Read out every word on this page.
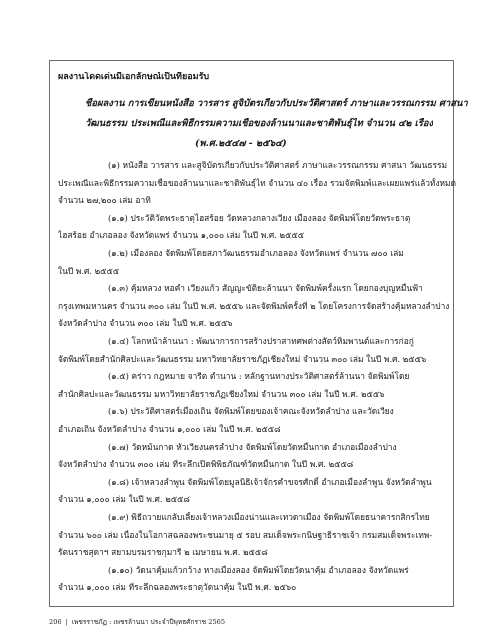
ผลงานโดดเด่นมีเอกลักษณ์เป็นที่ยอมรับ
ชื่อผลงาน การเขียนหนังสือ วารสาร สูจิบัตรเกี่ยวกับประวัติศาสตร์ ภาษาและวรรณกรรม ศาสนา
วัฒนธรรม ประเพณีและพิธีกรรมความเชื่อของล้านนาและชาติพันธุ์ไท จำนวน ๔๒ เรื่อง
(พ.ศ.๒๕๔๗ - ๒๕๖๔)
(๑) หนังสือ วารสาร และสูจิบัตรเกี่ยวกับประวัติศาสตร์ ภาษาและวรรณกรรม ศาสนา วัฒนธรรม
ประเพณีและพิธีกรรมความเชื่อของล้านนาและชาติพันธุ์ไท จำนวน ๔๐ เรื่อง รวมจัดพิมพ์และเผยแพร่แล้วทั้งหมด
จำนวน ๒๗,๒๐๐ เล่ม อาทิ
(๑.๑) ประวัติวัดพระธาตุไฮสร้อย วัดหลวงกลางเวียง เมืองลอง จัดพิมพ์โดยวัดพระธาตุ
ไฮสร้อย อำเภอลอง จังหวัดแพร่ จำนวน ๑,๐๐๐ เล่ม ในปี พ.ศ. ๒๕๕๕
(๑.๒) เมืองลอง จัดพิมพ์โดยสภาวัฒนธรรมอำเภอลอง จังหวัดแพร่ จำนวน ๗๐๐ เล่ม
ในปี พ.ศ. ๒๕๕๕
(๑.๓) คุ้มหลวง หอคำ เวียงแก้ว สัญญะขัติยะล้านนา จัดพิมพ์ครั้งแรก โดยกองบุญหมื่นฟ้า
กรุงเทพมหานคร จำนวน ๓๐๐ เล่ม ในปี พ.ศ. ๒๕๕๖ และจัดพิมพ์ครั้งที่ ๒ โดยโครงการจัดสร้างคุ้มหลวงลำปาง
จังหวัดลำปาง จำนวน ๓๐๐ เล่ม ในปี พ.ศ. ๒๕๕๖
(๑.๔) โลกหน้าล้านนา : พัฒนาการการสร้างปราสาทศพต่างสัตว์หิมพานต์และการก่อกู่
จัดพิมพ์โดยสำนักศิลปะและวัฒนธรรม มหาวิทยาลัยราชภัฏเชียงใหม่ จำนวน ๓๐๐ เล่ม ในปี พ.ศ. ๒๕๕๖
(๑.๕) คร่าว กฎหมาย จารีต ตำนาน : หลักฐานทางประวัติศาสตร์ล้านนา จัดพิมพ์โดย
สำนักศิลปะและวัฒนธรรม มหาวิทยาลัยราชภัฏเชียงใหม่ จำนวน ๓๐๐ เล่ม ในปี พ.ศ. ๒๕๕๖
(๑.๖) ประวัติศาสตร์เมืองเถิน จัดพิมพ์โดยของเจ้าคณะจังหวัดลำปาง และวัดเวียง
อำเภอเถิน จังหวัดลำปาง จำนวน ๑,๐๐๐ เล่ม ในปี พ.ศ. ๒๕๕๘
(๑.๗) วัดหม้นกาด หัวเวียงนครลำปาง จัดพิมพ์โดยวัดหมื่นกาด อำเภอเมืองลำปาง
จังหวัดลำปาง จำนวน ๓๐๐ เล่ม ที่ระลึกเปิดพิพิธภัณฑ์วัดหมื่นกาด ในปี พ.ศ. ๒๕๕๘
(๑.๘) เจ้าหลวงลำพูน จัดพิมพ์โดยมูลนิธิเจ้าจักรคำขจรศักดิ์ อำเภอเมืองลำพูน จังหวัดลำพูน
จำนวน ๑,๐๐๐ เล่ม ในปี พ.ศ. ๒๕๕๘
(๑.๙) พิธีถวายแกลับเลี้ยงเจ้าหลวงเมืองน่านและเทวดาเมือง จัดพิมพ์โดยธนาคารกสิกรไทย
จำนวน ๖๐๐ เล่ม เนื่องในโอกาสฉลองพระชนมายุ ๕ รอบ สมเด็จพระกนิษฐาธิราชเจ้า กรมสมเด็จพระเทพ-
รัตนราชสุดาฯ สยามบรมราชกุมารี ๒ เมษายน พ.ศ. ๒๕๕๘
(๑.๑๐) วัดนาคุ้มแก้วกว้าง หางเมืองลอง จัดพิมพ์โดยวัดนาคุ้ม อำเภอลอง จังหวัดแพร่
จำนวน ๑,๐๐๐ เล่ม ที่ระลึกฉลองพระธาตุวัดนาคุ้ม ในปี พ.ศ. ๒๕๖๐
206 | เพชรราชภัฏ : เพชรล้านนา ประจำปีพุทธศักราช 2565
